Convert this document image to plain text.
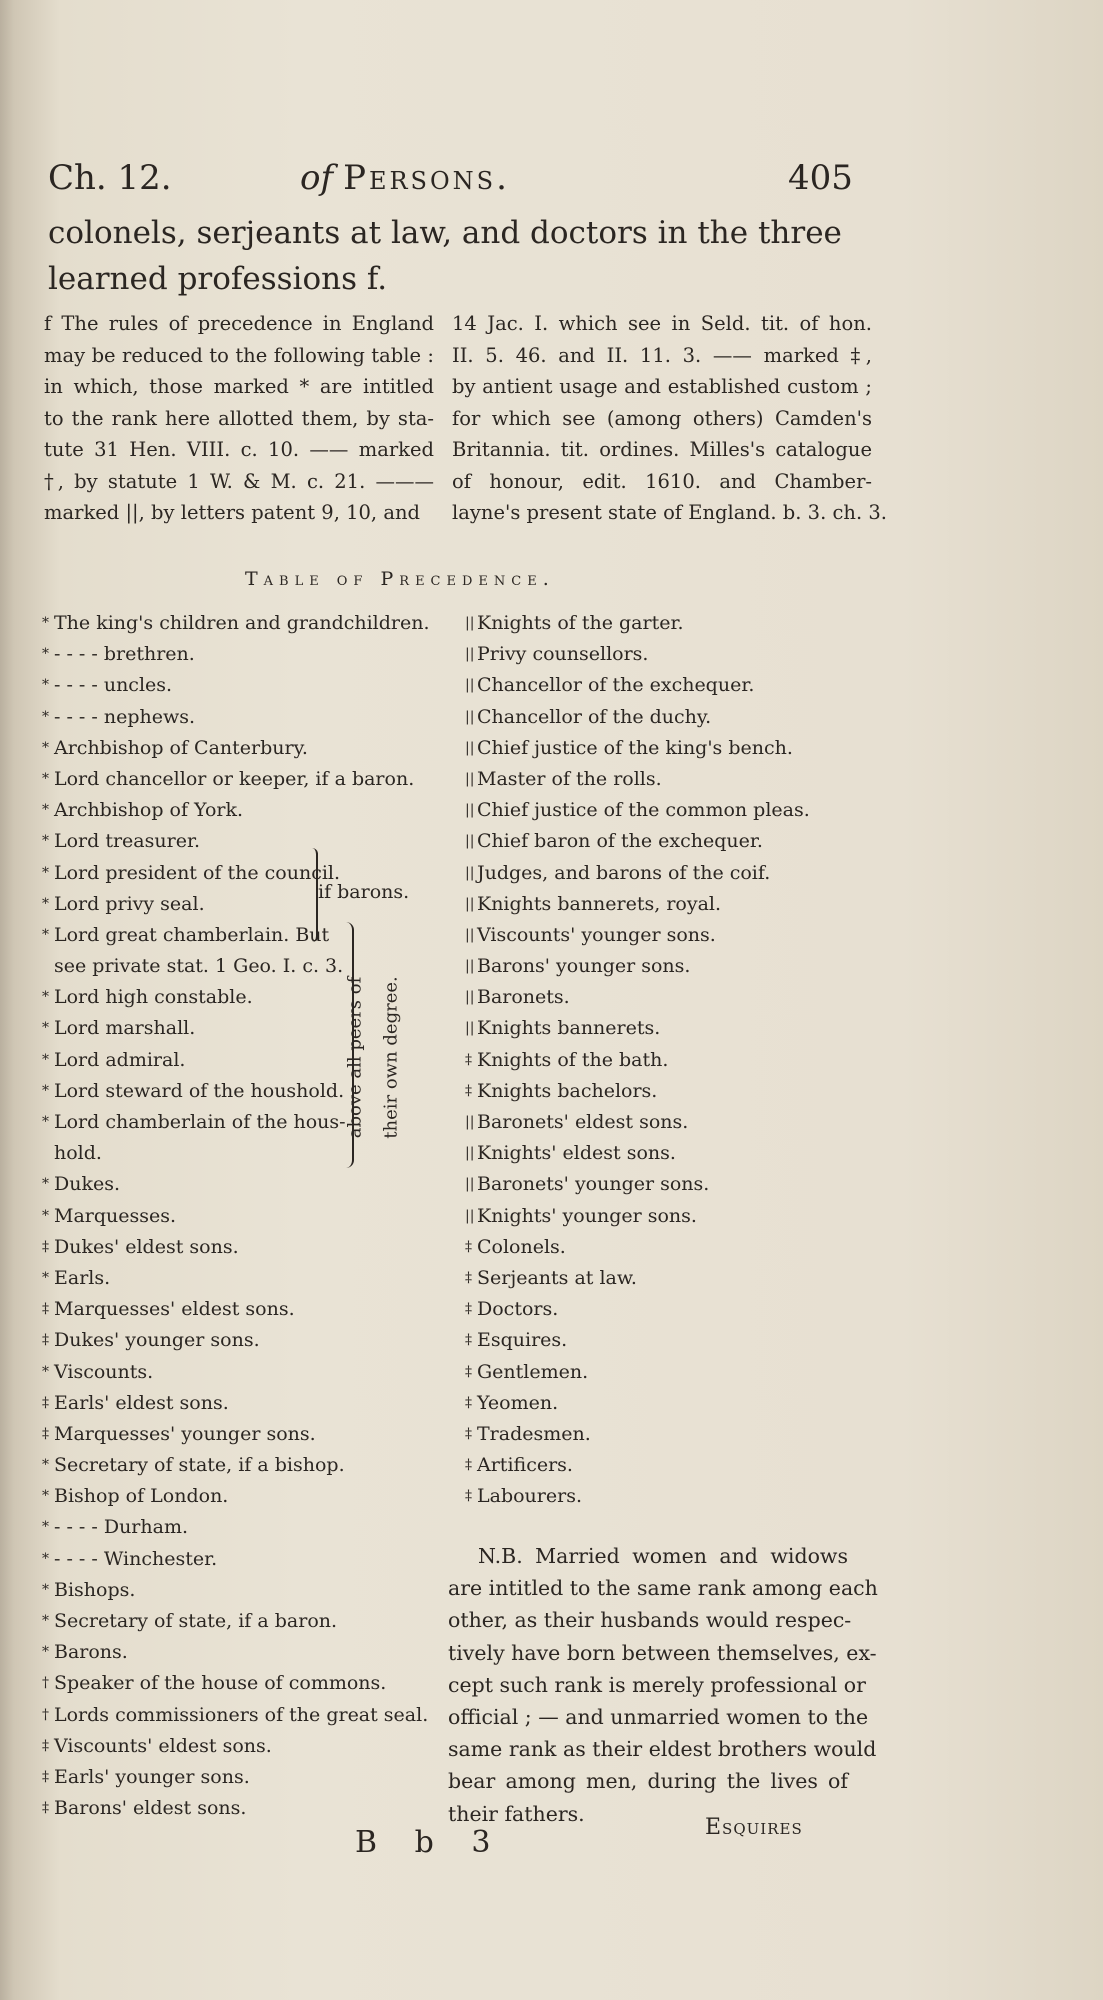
Ch. 12.	of Persons.	405
colonels, serjeants at law, and doctors in the three learned professions f.
f The rules of precedence in England
may be reduced to the following table :
in which, those marked * are intitled
to the rank here allotted them, by sta-
tute 31 Hen. VIII. c. 10. —— marked
†, by statute 1 W. & M. c. 21. ———
marked ||, by letters patent 9, 10, and
14 Jac. I. which see in Seld. tit. of hon.
II. 5. 46. and II. 11. 3. —— marked ‡,
by antient usage and established custom ;
for which see (among others) Camden's
Britannia. tit. ordines. Milles's catalogue
of honour, edit. 1610. and Chamber-
layne's present state of England. b. 3. ch. 3.
Table of Precedence.
* The king's children and grandchildren.
* - - - - brethren.
* - - - - uncles.
* - - - - nephews.
* Archbishop of Canterbury.
* Lord chancellor or keeper, if a baron.
* Archbishop of York.
* Lord treasurer.
* Lord president of the council.
* Lord privy seal.
* Lord great chamberlain. But
see private stat. 1 Geo. I. c. 3.
* Lord high constable.
* Lord marshall.
* Lord admiral.
* Lord steward of the houshold.
* Lord chamberlain of the hous-
hold.
* Dukes.
* Marquesses.
‡ Dukes' eldest sons.
* Earls.
‡ Marquesses' eldest sons.
‡ Dukes' younger sons.
* Viscounts.
‡ Earls' eldest sons.
‡ Marquesses' younger sons.
* Secretary of state, if a bishop.
* Bishop of London.
* - - - - Durham.
* - - - - Winchester.
* Bishops.
* Secretary of state, if a baron.
* Barons.
† Speaker of the house of commons.
† Lords commissioners of the great seal.
‡ Viscounts' eldest sons.
‡ Earls' younger sons.
‡ Barons' eldest sons.
|| Knights of the garter.
|| Privy counsellors.
|| Chancellor of the exchequer.
|| Chancellor of the duchy.
|| Chief justice of the king's bench.
|| Master of the rolls.
|| Chief justice of the common pleas.
|| Chief baron of the exchequer.
|| Judges, and barons of the coif.
|| Knights bannerets, royal.
|| Viscounts' younger sons.
|| Barons' younger sons.
|| Baronets.
|| Knights bannerets.
‡ Knights of the bath.
‡ Knights bachelors.
|| Baronets' eldest sons.
|| Knights' eldest sons.
|| Baronets' younger sons.
|| Knights' younger sons.
‡ Colonels.
‡ Serjeants at law.
‡ Doctors.
‡ Esquires.
‡ Gentlemen.
‡ Yeomen.
‡ Tradesmen.
‡ Artificers.
‡ Labourers.
if barons.
above all peers of their own degree.
N.B. Married women and widows
are intitled to the same rank among each
other, as their husbands would respec-
tively have born between themselves, ex-
cept such rank is merely professional or
official ; — and unmarried women to the
same rank as their eldest brothers would
bear among men, during the lives of
their fathers.
B b 3	Esquires
